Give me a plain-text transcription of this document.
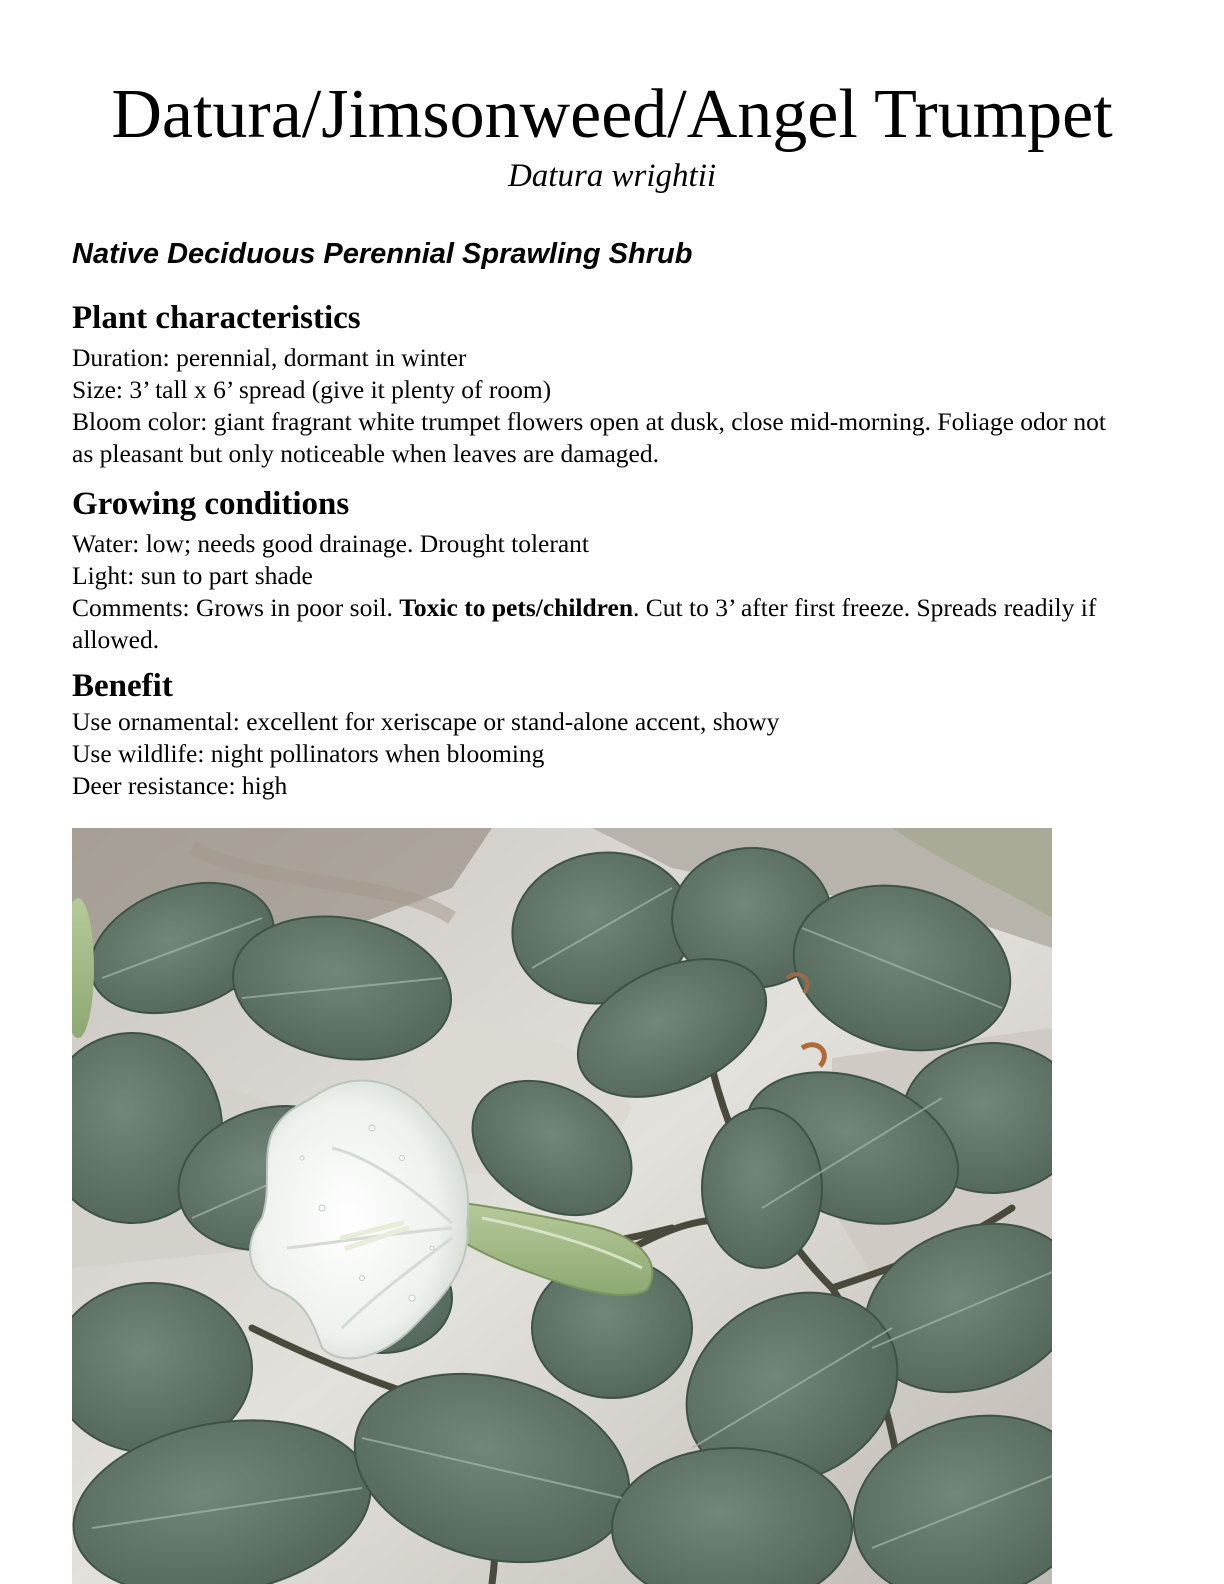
Datura/Jimsonweed/Angel Trumpet
Datura wrightii
Native Deciduous Perennial Sprawling Shrub
Plant characteristics

Duration: perennial, dormant in winter

Size: 3’ tall x 6’ spread (give it plenty of room)

Bloom color: giant fragrant white trumpet flowers open at dusk, close mid-morning. Foliage odor not as pleasant but only noticeable when leaves are damaged.

Growing conditions

Water: low; needs good drainage. Drought tolerant

Light: sun to part shade

Comments: Grows in poor soil. Toxic to pets/children. Cut to 3’ after first freeze. Spreads readily if allowed.

Benefit

Use ornamental: excellent for xeriscape or stand-alone accent, showy

Use wildlife: night pollinators when blooming

Deer resistance: high
